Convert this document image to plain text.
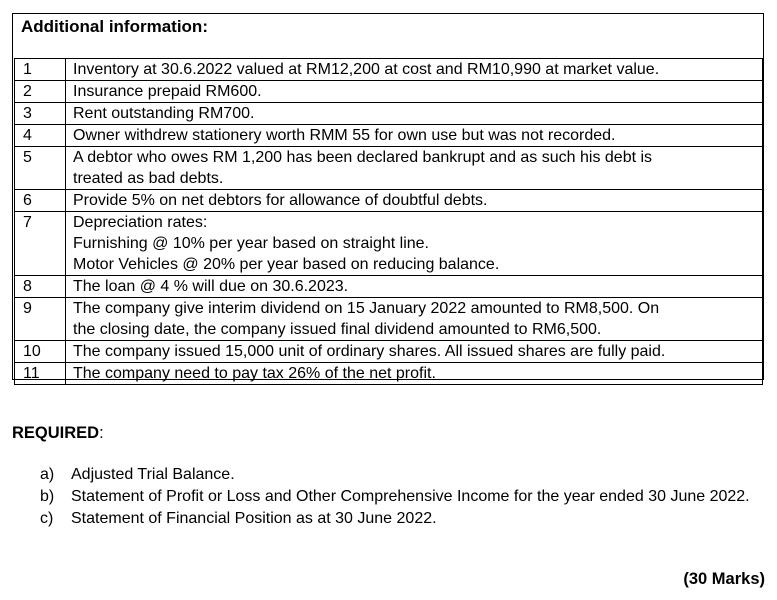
Additional information:
1	Inventory at 30.6.2022 valued at RM12,200 at cost and RM10,990 at market value.

2	Insurance prepaid RM600.

3	Rent outstanding RM700.

4	Owner withdrew stationery worth RMM 55 for own use but was not recorded.

5	A debtor who owes RM 1,200 has been declared bankrupt and as such his debt is
treated as bad debts.

6	Provide 5% on net debtors for allowance of doubtful debts.

7	Depreciation rates:
Furnishing @ 10% per year based on straight line.
Motor Vehicles @ 20% per year based on reducing balance.

8	The loan @ 4 % will due on 30.6.2023.

9	The company give interim dividend on 15 January 2022 amounted to RM8,500. On
the closing date, the company issued final dividend amounted to RM6,500.

10	The company issued 15,000 unit of ordinary shares. All issued shares are fully paid.

11	The company need to pay tax 26% of the net profit.
REQUIRED:
a)	Adjusted Trial Balance.
b)	Statement of Profit or Loss and Other Comprehensive Income for the year ended 30 June 2022.
c)	Statement of Financial Position as at 30 June 2022.
(30 Marks)
